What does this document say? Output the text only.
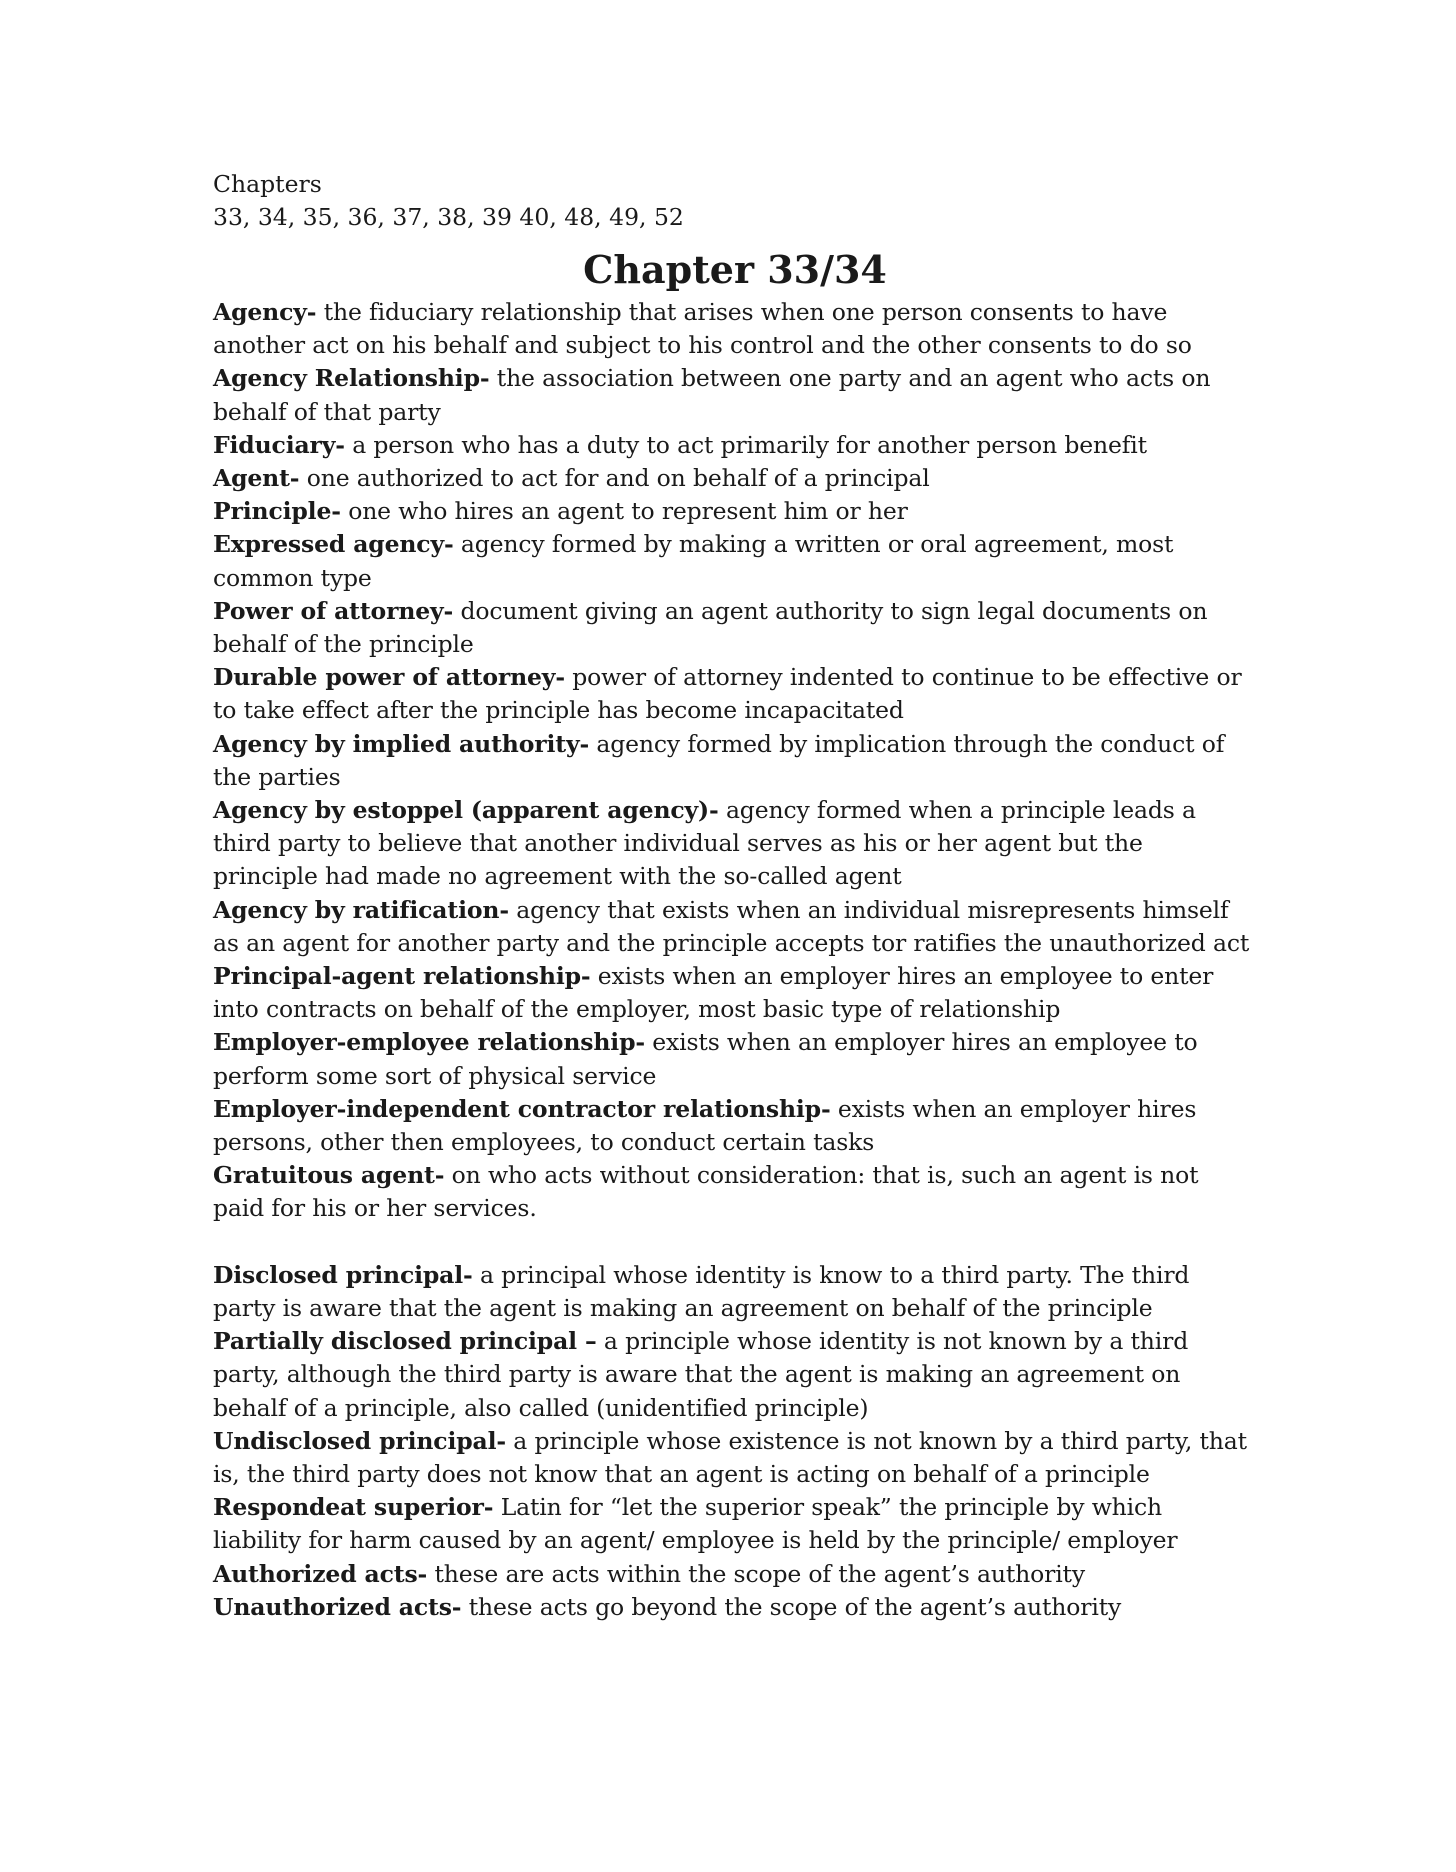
Chapters
33, 34, 35, 36, 37, 38, 39 40, 48, 49, 52
Chapter 33/34

Agency- the fiduciary relationship that arises when one person consents to have another act on his behalf and subject to his control and the other consents to do so

Agency Relationship- the association between one party and an agent who acts on behalf of that party

Fiduciary- a person who has a duty to act primarily for another person benefit

Agent- one authorized to act for and on behalf of a principal

Principle- one who hires an agent to represent him or her

Expressed agency- agency formed by making a written or oral agreement, most common type

Power of attorney- document giving an agent authority to sign legal documents on behalf of the principle

Durable power of attorney- power of attorney indented to continue to be effective or to take effect after the principle has become incapacitated

Agency by implied authority- agency formed by implication through the conduct of the parties

Agency by estoppel (apparent agency)- agency formed when a principle leads a third party to believe that another individual serves as his or her agent but the principle had made no agreement with the so-called agent

Agency by ratification- agency that exists when an individual misrepresents himself as an agent for another party and the principle accepts tor ratifies the unauthorized act

Principal-agent relationship- exists when an employer hires an employee to enter into contracts on behalf of the employer, most basic type of relationship

Employer-employee relationship- exists when an employer hires an employee to perform some sort of physical service

Employer-independent contractor relationship- exists when an employer hires persons, other then employees, to conduct certain tasks

Gratuitous agent- on who acts without consideration: that is, such an agent is not paid for his or her services.

Disclosed principal- a principal whose identity is know to a third party. The third party is aware that the agent is making an agreement on behalf of the principle

Partially disclosed principal – a principle whose identity is not known by a third party, although the third party is aware that the agent is making an agreement on behalf of a principle, also called (unidentified principle)

Undisclosed principal- a principle whose existence is not known by a third party, that is, the third party does not know that an agent is acting on behalf of a principle

Respondeat superior- Latin for “let the superior speak” the principle by which liability for harm caused by an agent/ employee is held by the principle/ employer

Authorized acts- these are acts within the scope of the agent’s authority

Unauthorized acts- these acts go beyond the scope of the agent’s authority
